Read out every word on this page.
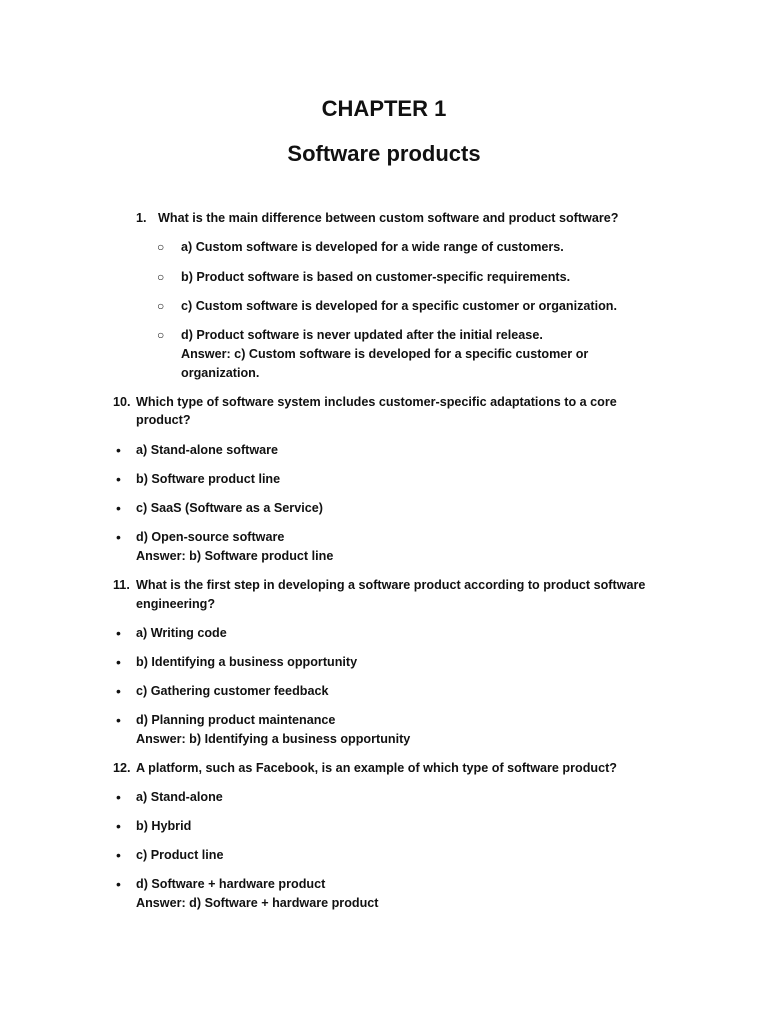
CHAPTER 1
Software products
1. What is the main difference between custom software and product software?
○ a) Custom software is developed for a wide range of customers.
○ b) Product software is based on customer-specific requirements.
○ c) Custom software is developed for a specific customer or organization.
○ d) Product software is never updated after the initial release.
Answer: c) Custom software is developed for a specific customer or
organization.
10. Which type of software system includes customer-specific adaptations to a core
product?
• a) Stand-alone software
• b) Software product line
• c) SaaS (Software as a Service)
• d) Open-source software
Answer: b) Software product line
11. What is the first step in developing a software product according to product software
engineering?
• a) Writing code
• b) Identifying a business opportunity
• c) Gathering customer feedback
• d) Planning product maintenance
Answer: b) Identifying a business opportunity
12. A platform, such as Facebook, is an example of which type of software product?
• a) Stand-alone
• b) Hybrid
• c) Product line
• d) Software + hardware product
Answer: d) Software + hardware product
